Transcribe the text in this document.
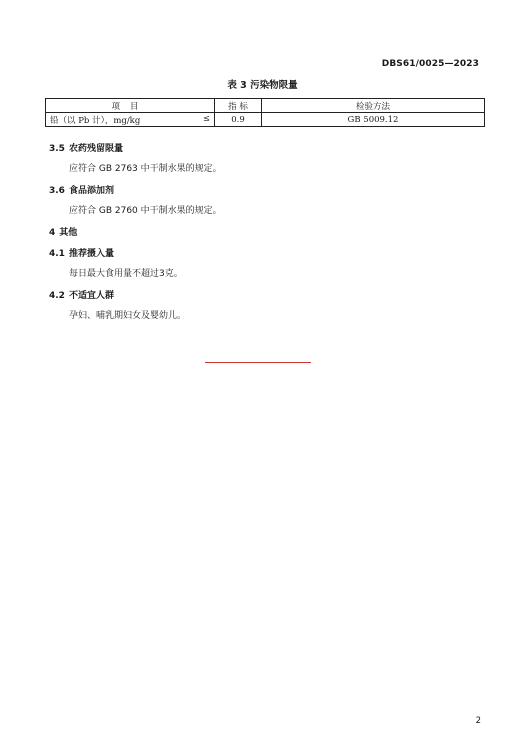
DBS61/0025—2023
表 3 污染物限量
项目	指 标	检验方法

铅（以 Pb 计），mg/kg ≤	0.9	GB 5009.12
3.5 农药残留限量
应符合 GB 2763 中干制水果的规定。
3.6 食品添加剂
应符合 GB 2760 中干制水果的规定。
4 其他
4.1 推荐摄入量
每日最大食用量不超过3克。
4.2 不适宜人群
孕妇、哺乳期妇女及婴幼儿。
2
